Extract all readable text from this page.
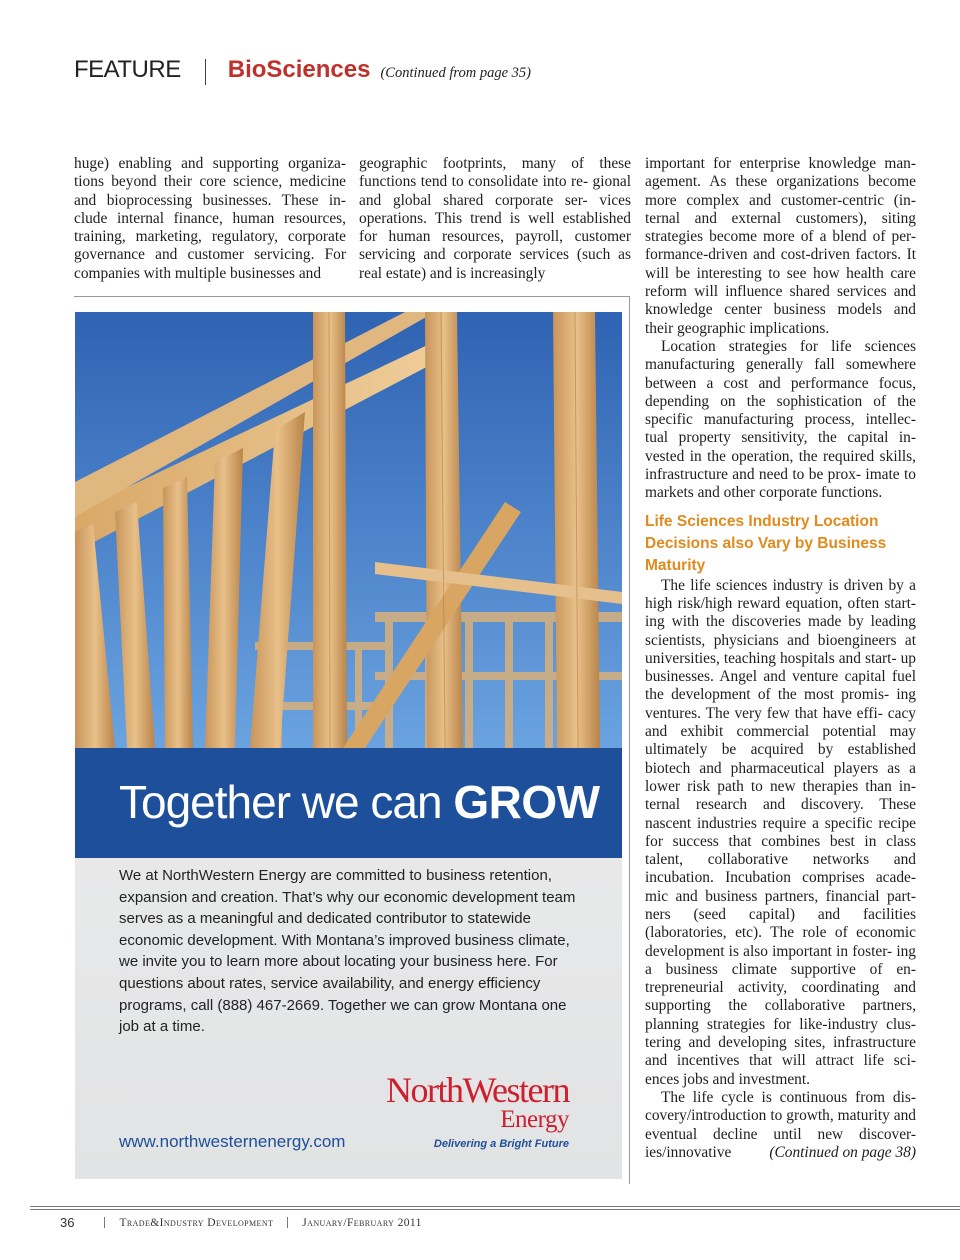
FEATURE BioSciences (Continued from page 35)

huge) enabling and supporting organiza- tions beyond their core science, medicine and bioprocessing businesses. These in- clude internal finance, human resources, training, marketing, regulatory, corporate governance and customer servicing. For companies with multiple businesses and

geographic footprints, many of these functions tend to consolidate into re- gional and global shared corporate ser- vices operations. This trend is well established for human resources, payroll, customer servicing and corporate services (such as real estate) and is increasingly

important for enterprise knowledge man- agement. As these organizations become more complex and customer-centric (in- ternal and external customers), siting strategies become more of a blend of per- formance-driven and cost-driven factors. It will be interesting to see how health care reform will influence shared services and knowledge center business models and their geographic implications.

Location strategies for life sciences manufacturing generally fall somewhere between a cost and performance focus, depending on the sophistication of the specific manufacturing process, intellec- tual property sensitivity, the capital in- vested in the operation, the required skills, infrastructure and need to be prox- imate to markets and other corporate functions.

Life Sciences Industry Location Decisions also Vary by Business Maturity

The life sciences industry is driven by a high risk/high reward equation, often start- ing with the discoveries made by leading scientists, physicians and bioengineers at universities, teaching hospitals and start- up businesses. Angel and venture capital fuel the development of the most promis- ing ventures. The very few that have effi- cacy and exhibit commercial potential may ultimately be acquired by established biotech and pharmaceutical players as a lower risk path to new therapies than in- ternal research and discovery. These nascent industries require a specific recipe for success that combines best in class talent, collaborative networks and incubation. Incubation comprises acade- mic and business partners, financial part- ners (seed capital) and facilities (laboratories, etc). The role of economic development is also important in foster- ing a business climate supportive of en- trepreneurial activity, coordinating and supporting the collaborative partners, planning strategies for like-industry clus- tering and developing sites, infrastructure and incentives that will attract life sci- ences jobs and investment.

The life cycle is continuous from dis- covery/introduction to growth, maturity and eventual decline until new discover- ies/innovative	(Continued on page 38)

Together we can GROW
We at NorthWestern Energy are committed to business retention, expansion and creation. That’s why our economic development team serves as a meaningful and dedicated contributor to statewide economic development. With Montana’s improved business climate, we invite you to learn more about locating your business here. For questions about rates, service availability, and energy efficiency programs, call (888) 467-2669. Together we can grow Montana one job at a time.
NorthWestern
Energy
Delivering a Bright Future
www.northwesternenergy.com
36	Trade&Industry Development	January/February 2011
